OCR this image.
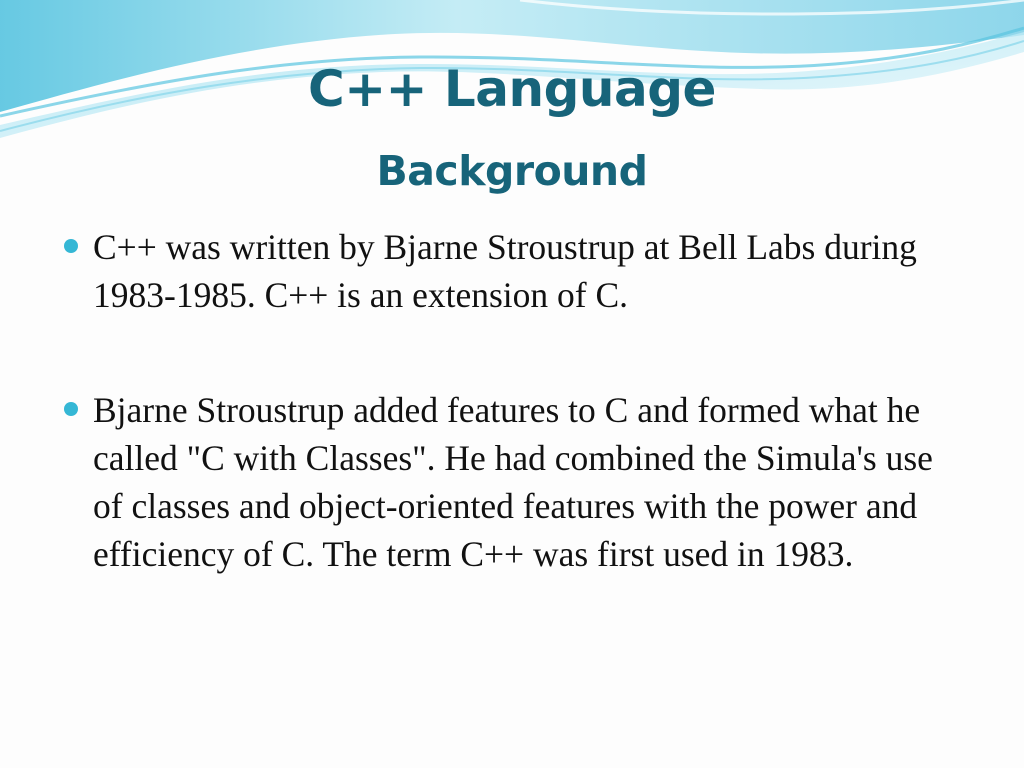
C++ Language
Background
C++ was written by Bjarne Stroustrup at Bell Labs during 1983-1985. C++ is an extension of C.
Bjarne Stroustrup added features to C and formed what he called "C with Classes". He had combined the Simula's use of classes and object-oriented features with the power and efficiency of C. The term C++ was first used in 1983.
